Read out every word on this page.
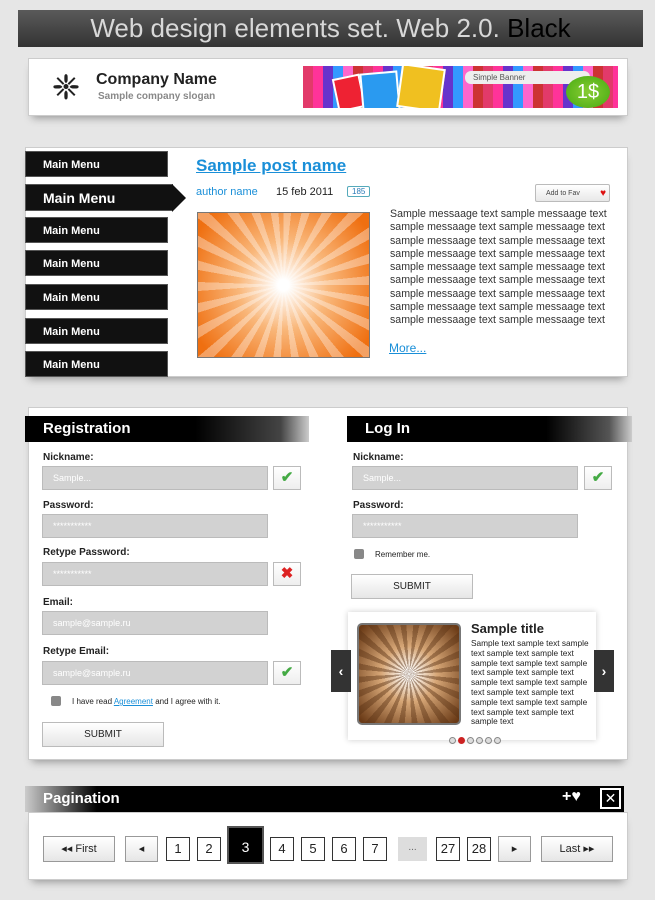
Web design elements set. Web 2.0. Black
❈ Company Name
Sample company slogan
Simple Banner
1$
Main Menu
Main Menu
Main Menu
Main Menu
Main Menu
Main Menu
Main Menu
Sample post name
author name 15 feb 2011	185	Add to Fav ♥
Sample messaage text sample messaage text sample messaage text sample messaage text sample messaage text sample messaage text sample messaage text sample messaage text sample messaage text sample messaage text sample messaage text sample messaage text sample messaage text sample messaage text sample messaage text sample messaage text sample messaage text sample messaage text
More...
Registration	Log In
Nickname:
Sample...	✔
Password:
***********
Retype Password:
***********	✖
Email:
sample@sample.ru
Retype Email:
sample@sample.ru	✔
I have read Agreement and I agree with it.
SUBMIT
Nickname:
Sample...	✔
Password:
***********
Remember me.
SUBMIT
‹	›
Sample title
Sample text sample text sample text sample text sample text sample text sample text sample text sample text sample text sample text sample text sample text sample text sample text sample text sample text sample text sample text sample text sample text
Pagination	+♥	✕
◂◂ First	◂	1	2	3	4	5	6	7	...	27	28	▸	Last ▸▸
